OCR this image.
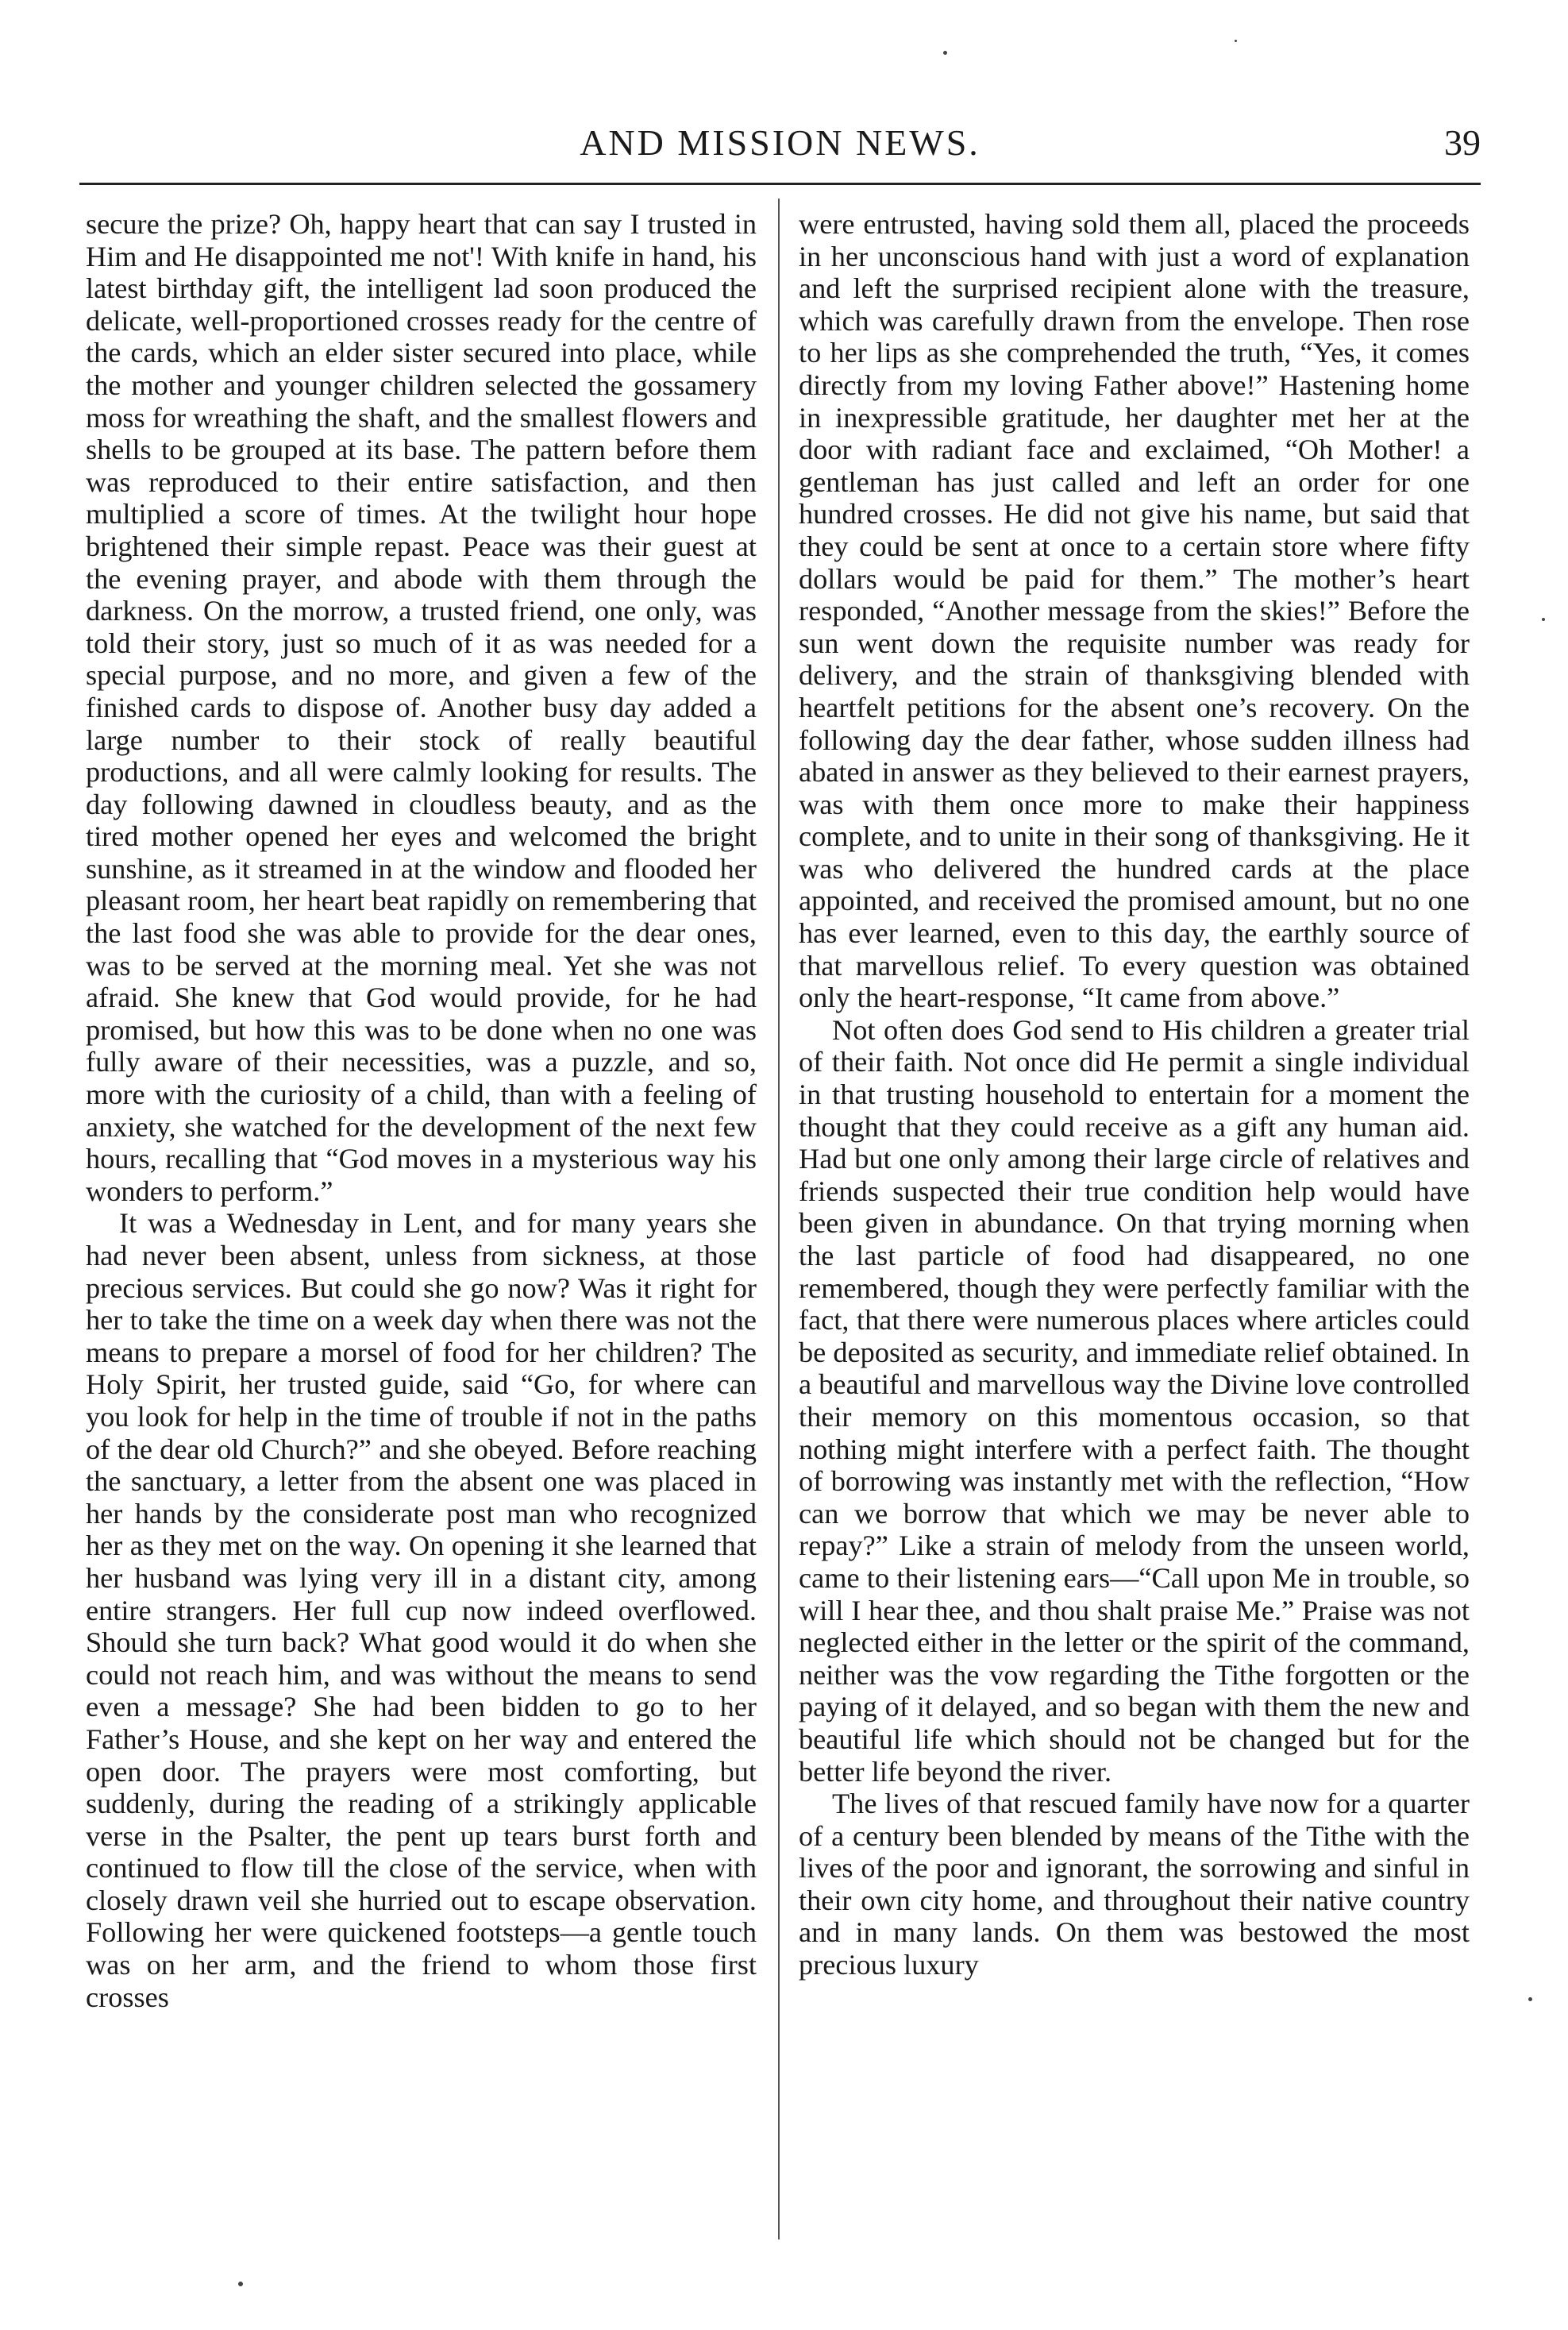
AND MISSION NEWS.	39

secure the prize? Oh, happy heart that can say I trusted in Him and He disappointed me not'! With knife in hand, his latest birthday gift, the intelligent lad soon produced the delicate, well-proportioned crosses ready for the centre of the cards, which an elder sister secured into place, while the mother and younger children selected the gossamery moss for wreathing the shaft, and the smallest flowers and shells to be grouped at its base. The pattern before them was reproduced to their entire satisfaction, and then multiplied a score of times. At the twilight hour hope brightened their simple repast. Peace was their guest at the evening prayer, and abode with them through the darkness. On the morrow, a trusted friend, one only, was told their story, just so much of it as was needed for a special purpose, and no more, and given a few of the finished cards to dispose of. Another busy day added a large number to their stock of really beautiful productions, and all were calmly looking for results. The day following dawned in cloudless beauty, and as the tired mother opened her eyes and welcomed the bright sunshine, as it streamed in at the window and flooded her pleasant room, her heart beat rapidly on remembering that the last food she was able to provide for the dear ones, was to be served at the morning meal. Yet she was not afraid. She knew that God would provide, for he had promised, but how this was to be done when no one was fully aware of their necessities, was a puzzle, and so, more with the curiosity of a child, than with a feeling of anxiety, she watched for the development of the next few hours, recalling that “God moves in a mysterious way his wonders to perform.”

It was a Wednesday in Lent, and for many years she had never been absent, unless from sickness, at those precious services. But could she go now? Was it right for her to take the time on a week day when there was not the means to prepare a morsel of food for her children? The Holy Spirit, her trusted guide, said “Go, for where can you look for help in the time of trouble if not in the paths of the dear old Church?” and she obeyed. Before reaching the sanctuary, a letter from the absent one was placed in her hands by the considerate post man who recognized her as they met on the way. On opening it she learned that her husband was lying very ill in a distant city, among entire strangers. Her full cup now indeed overflowed. Should she turn back? What good would it do when she could not reach him, and was without the means to send even a message? She had been bidden to go to her Father’s House, and she kept on her way and entered the open door. The prayers were most comforting, but suddenly, during the reading of a strikingly applicable verse in the Psalter, the pent up tears burst forth and continued to flow till the close of the service, when with closely drawn veil she hurried out to escape observation. Following her were quickened footsteps—a gentle touch was on her arm, and the friend to whom those first crosses

were entrusted, having sold them all, placed the proceeds in her unconscious hand with just a word of explanation and left the surprised recipient alone with the treasure, which was carefully drawn from the envelope. Then rose to her lips as she comprehended the truth, “Yes, it comes directly from my loving Father above!” Hastening home in inexpressible gratitude, her daughter met her at the door with radiant face and exclaimed, “Oh Mother! a gentleman has just called and left an order for one hundred crosses. He did not give his name, but said that they could be sent at once to a certain store where fifty dollars would be paid for them.” The mother’s heart responded, “Another message from the skies!” Before the sun went down the requisite number was ready for delivery, and the strain of thanksgiving blended with heartfelt petitions for the absent one’s recovery. On the following day the dear father, whose sudden illness had abated in answer as they believed to their earnest prayers, was with them once more to make their happiness complete, and to unite in their song of thanksgiving. He it was who delivered the hundred cards at the place appointed, and received the promised amount, but no one has ever learned, even to this day, the earthly source of that marvellous relief. To every question was obtained only the heart-response, “It came from above.”

Not often does God send to His children a greater trial of their faith. Not once did He permit a single individual in that trusting household to entertain for a moment the thought that they could receive as a gift any human aid. Had but one only among their large circle of relatives and friends suspected their true condition help would have been given in abundance. On that trying morning when the last particle of food had disappeared, no one remembered, though they were perfectly familiar with the fact, that there were numerous places where articles could be deposited as security, and immediate relief obtained. In a beautiful and marvellous way the Divine love controlled their memory on this momentous occasion, so that nothing might interfere with a perfect faith. The thought of borrowing was instantly met with the reflection, “How can we borrow that which we may be never able to repay?” Like a strain of melody from the unseen world, came to their listening ears—“Call upon Me in trouble, so will I hear thee, and thou shalt praise Me.” Praise was not neglected either in the letter or the spirit of the command, neither was the vow regarding the Tithe forgotten or the paying of it delayed, and so began with them the new and beautiful life which should not be changed but for the better life beyond the river.

The lives of that rescued family have now for a quarter of a century been blended by means of the Tithe with the lives of the poor and ignorant, the sorrowing and sinful in their own city home, and throughout their native country and in many lands. On them was bestowed the most precious luxury
